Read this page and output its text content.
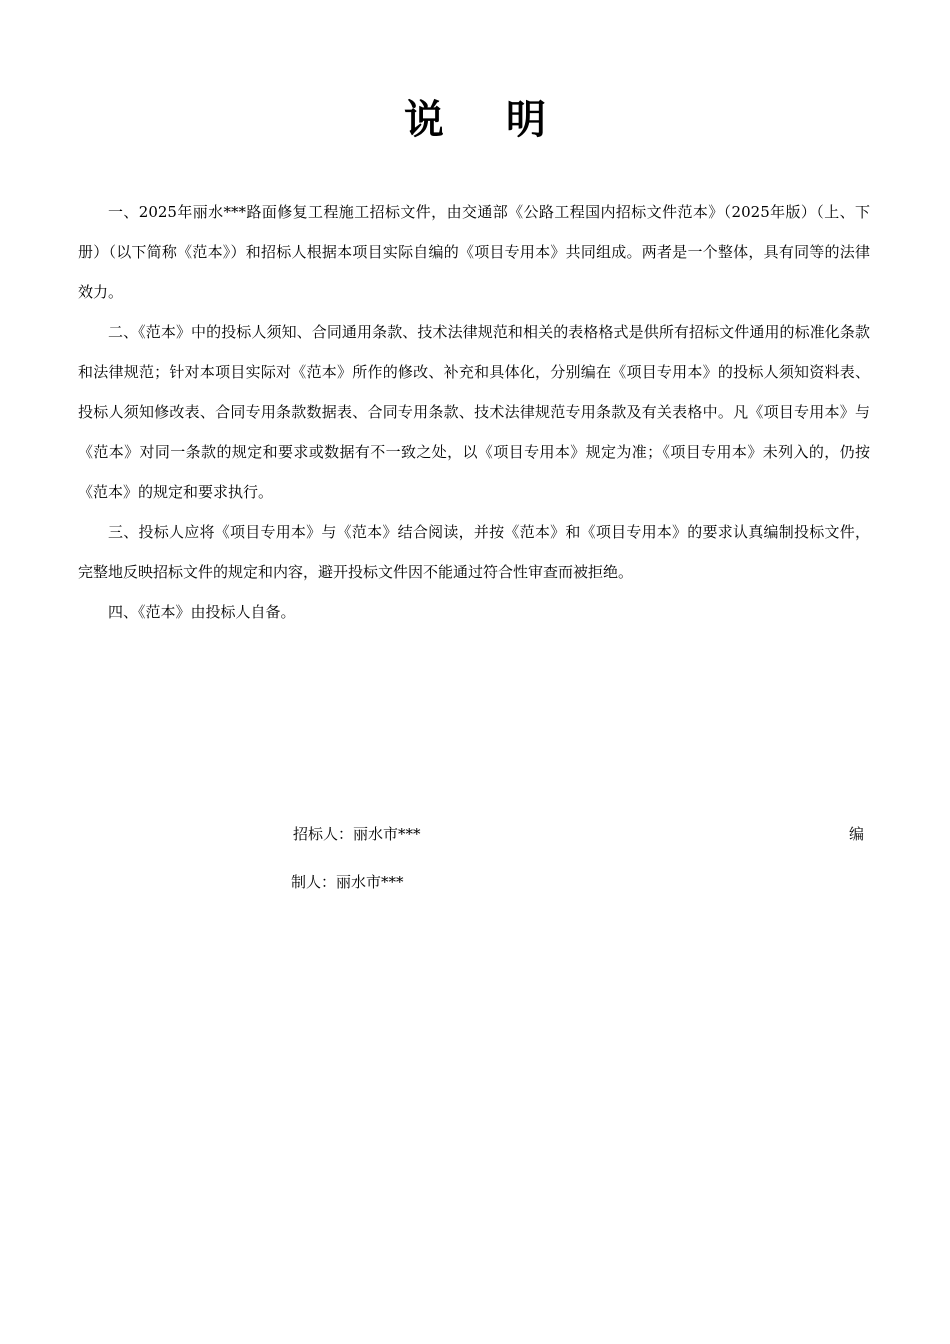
说明

一、2025年丽水***路面修复工程施工招标文件，由交通部《公路工程国内招标文件范本》（2025年版）（上、下册）（以下简称《范本》）和招标人根据本项目实际自编的《项目专用本》共同组成。两者是一个整体，具有同等的法律效力。

二、《范本》中的投标人须知、合同通用条款、技术法律规范和相关的表格格式是供所有招标文件通用的标准化条款和法律规范；针对本项目实际对《范本》所作的修改、补充和具体化，分别编在《项目专用本》的投标人须知资料表、投标人须知修改表、合同专用条款数据表、合同专用条款、技术法律规范专用条款及有关表格中。凡《项目专用本》与《范本》对同一条款的规定和要求或数据有不一致之处，以《项目专用本》规定为准；《项目专用本》未列入的，仍按《范本》的规定和要求执行。

三、投标人应将《项目专用本》与《范本》结合阅读，并按《范本》和《项目专用本》的要求认真编制投标文件，完整地反映招标文件的规定和内容，避开投标文件因不能通过符合性审查而被拒绝。

四、《范本》由投标人自备。

招标人：丽水市***	编
制人：丽水市***
